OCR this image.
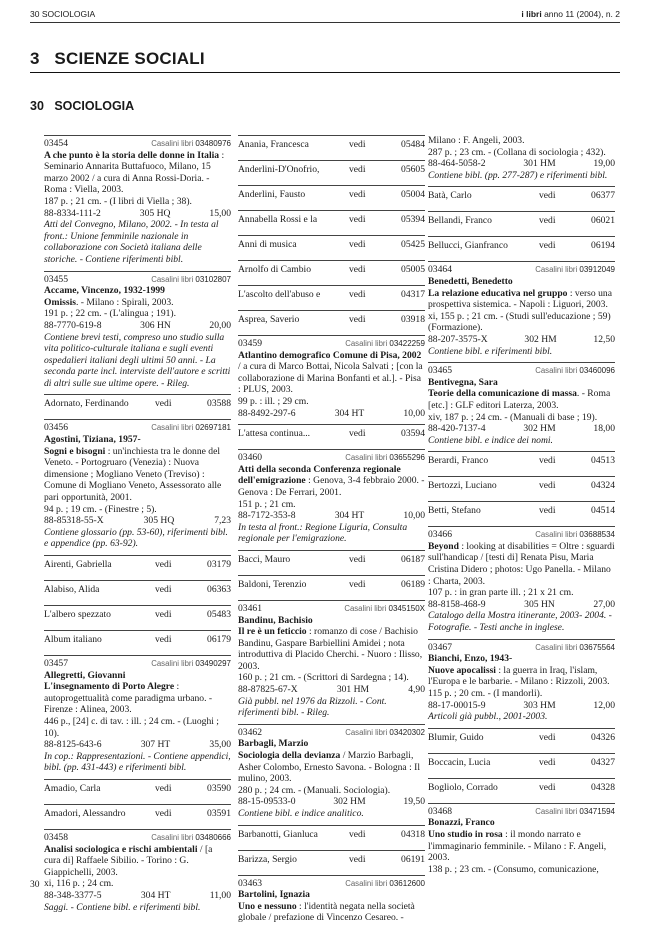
30 SOCIOLOGIA	i libri anno 11 (2004), n. 2
3   SCIENZE SOCIALI
30   SOCIOLOGIA
03454	Casalini libri 03480976
A che punto è la storia delle donne in Italia : Seminario Annarita Buttafuoco, Milano, 15 marzo 2002 / a cura di Anna Rossi-Doria. - Roma : Viella, 2003.
187 p. ; 21 cm. - (I libri di Viella ; 38).
88-8334-111-2	305 HQ	15,00
Atti del Convegno, Milano, 2002. - In testa al front.: Unione femminile nazionale in collaborazione con Società italiana delle storiche. - Contiene riferimenti bibl.
03455	Casalini libri 03102807
Accame, Vincenzo, 1932-1999
Omissis. - Milano : Spirali, 2003.
191 p. ; 22 cm. - (L'alingua ; 191).
88-7770-619-8	306 HN	20,00
Contiene brevi testi, compreso uno studio sulla vita politico-culturale italiana e sugli eventi ospedalieri italiani degli ultimi 50 anni. - La seconda parte incl. interviste dell'autore e scritti di altri sulle sue ultime opere. - Rileg.
Adornato, Ferdinando	vedi	03588
03456	Casalini libri 02697181
Agostini, Tiziana, 1957-
Sogni e bisogni : un'inchiesta tra le donne del Veneto. - Portogruaro (Venezia) : Nuova dimensione ; Mogliano Veneto (Treviso) : Comune di Mogliano Veneto, Assessorato alle pari opportunità, 2001.
94 p. ; 19 cm. - (Finestre ; 5).
88-85318-55-X	305 HQ	7,23
Contiene glossario (pp. 53-60), riferimenti bibl. e appendice (pp. 63-92).
Airenti, Gabriella	vedi	03179
Alabiso, Alida	vedi	06363
L'albero spezzato	vedi	05483
Album italiano	vedi	06179
03457	Casalini libri 03490297
Allegretti, Giovanni
L'insegnamento di Porto Alegre : autoprogettualità come paradigma urbano. - Firenze : Alinea, 2003.
446 p., [24] c. di tav. : ill. ; 24 cm. - (Luoghi ; 10).
88-8125-643-6	307 HT	35,00
In cop.: Rappresentazioni. - Contiene appendici, bibl. (pp. 431-443) e riferimenti bibl.
Amadio, Carla	vedi	03590
Amadori, Alessandro	vedi	03591
03458	Casalini libri 03480666
Analisi sociologica e rischi ambientali / [a cura di] Raffaele Sibilio. - Torino : G. Giappichelli, 2003.
xi, 116 p. ; 24 cm.
88-348-3377-5	304 HT	11,00
Saggi. - Contiene bibl. e riferimenti bibl.
Anania, Francesca	vedi	05484
Anderlini-D'Onofrio,	vedi	05605
Anderlini, Fausto	vedi	05004
Annabella Rossi e la	vedi	05394
Anni di musica	vedi	05425
Arnolfo di Cambio	vedi	05005
L'ascolto dell'abuso e	vedi	04317
Asprea, Saverio	vedi	03918
03459	Casalini libri 03422259
Atlantino demografico Comune di Pisa, 2002 / a cura di Marco Bottai, Nicola Salvati ; [con la collaborazione di Marina Bonfanti et al.]. - Pisa : PLUS, 2003.
99 p. : ill. ; 29 cm.
88-8492-297-6	304 HT	10,00
L'attesa continua...	vedi	03594
03460	Casalini libri 03655296
Atti della seconda Conferenza regionale dell'emigrazione : Genova, 3-4 febbraio 2000. - Genova : De Ferrari, 2001.
151 p. ; 21 cm.
88-7172-353-8	304 HT	10,00
In testa al front.: Regione Liguria, Consulta regionale per l'emigrazione.
Bacci, Mauro	vedi	06187
Baldoni, Terenzio	vedi	06189
03461	Casalini libri 0345150X
Bandinu, Bachisio
Il re è un feticcio : romanzo di cose / Bachisio Bandinu, Gaspare Barbiellini Amidei ; nota introduttiva di Placido Cherchi. - Nuoro : Ilisso, 2003.
160 p. ; 21 cm. - (Scrittori di Sardegna ; 14).
88-87825-67-X	301 HM	4,90
Già pubbl. nel 1976 da Rizzoli. - Cont. riferimenti bibl. - Rileg.
03462	Casalini libri 03420302
Barbagli, Marzio
Sociologia della devianza / Marzio Barbagli, Asher Colombo, Ernesto Savona. - Bologna : Il mulino, 2003.
280 p. ; 24 cm. - (Manuali. Sociologia).
88-15-09533-0	302 HM	19,50
Contiene bibl. e indice analitico.
Barbanotti, Gianluca	vedi	04318
Barizza, Sergio	vedi	06191
03463	Casalini libri 03612600
Bartolini, Ignazia
Uno e nessuno : l'identità negata nella società globale / prefazione di Vincenzo Cesareo. -
Milano : F. Angeli, 2003.
287 p. ; 23 cm. - (Collana di sociologia ; 432).
88-464-5058-2	301 HM	19,00
Contiene bibl. (pp. 277-287) e riferimenti bibl.
Batà, Carlo	vedi	06377
Bellandi, Franco	vedi	06021
Bellucci, Gianfranco	vedi	06194
03464	Casalini libri 03912049
Benedetti, Benedetto
La relazione educativa nel gruppo : verso una prospettiva sistemica. - Napoli : Liguori, 2003.
xi, 155 p. ; 21 cm. - (Studi sull'educazione ; 59) (Formazione).
88-207-3575-X	302 HM	12,50
Contiene bibl. e riferimenti bibl.
03465	Casalini libri 03460096
Bentivegna, Sara
Teorie della comunicazione di massa. - Roma [etc.] : GLF editori Laterza, 2003.
xiv, 187 p. ; 24 cm. - (Manuali di base ; 19).
88-420-7137-4	302 HM	18,00
Contiene bibl. e indice dei nomi.
Berardi, Franco	vedi	04513
Bertozzi, Luciano	vedi	04324
Betti, Stefano	vedi	04514
03466	Casalini libri 03688534
Beyond : looking at disabilities = Oltre : sguardi sull'handicap / [testi di] Renata Pisu, Maria Cristina Didero ; photos: Ugo Panella. - Milano : Charta, 2003.
107 p. : in gran parte ill. ; 21 x 21 cm.
88-8158-468-9	305 HN	27,00
Catalogo della Mostra itinerante, 2003- 2004. - Fotografie. - Testi anche in inglese.
03467	Casalini libri 03675564
Bianchi, Enzo, 1943-
Nuove apocalissi : la guerra in Iraq, l'islam, l'Europa e le barbarie. - Milano : Rizzoli, 2003.
115 p. ; 20 cm. - (I mandorli).
88-17-00015-9	303 HM	12,00
Articoli già pubbl., 2001-2003.
Blumir, Guido	vedi	04326
Boccacin, Lucia	vedi	04327
Bogliolo, Corrado	vedi	04328
03468	Casalini libri 03471594
Bonazzi, Franco
Uno studio in rosa : il mondo narrato e l'immaginario femminile. - Milano : F. Angeli, 2003.
138 p. ; 23 cm. - (Consumo, comunicazione,
30
